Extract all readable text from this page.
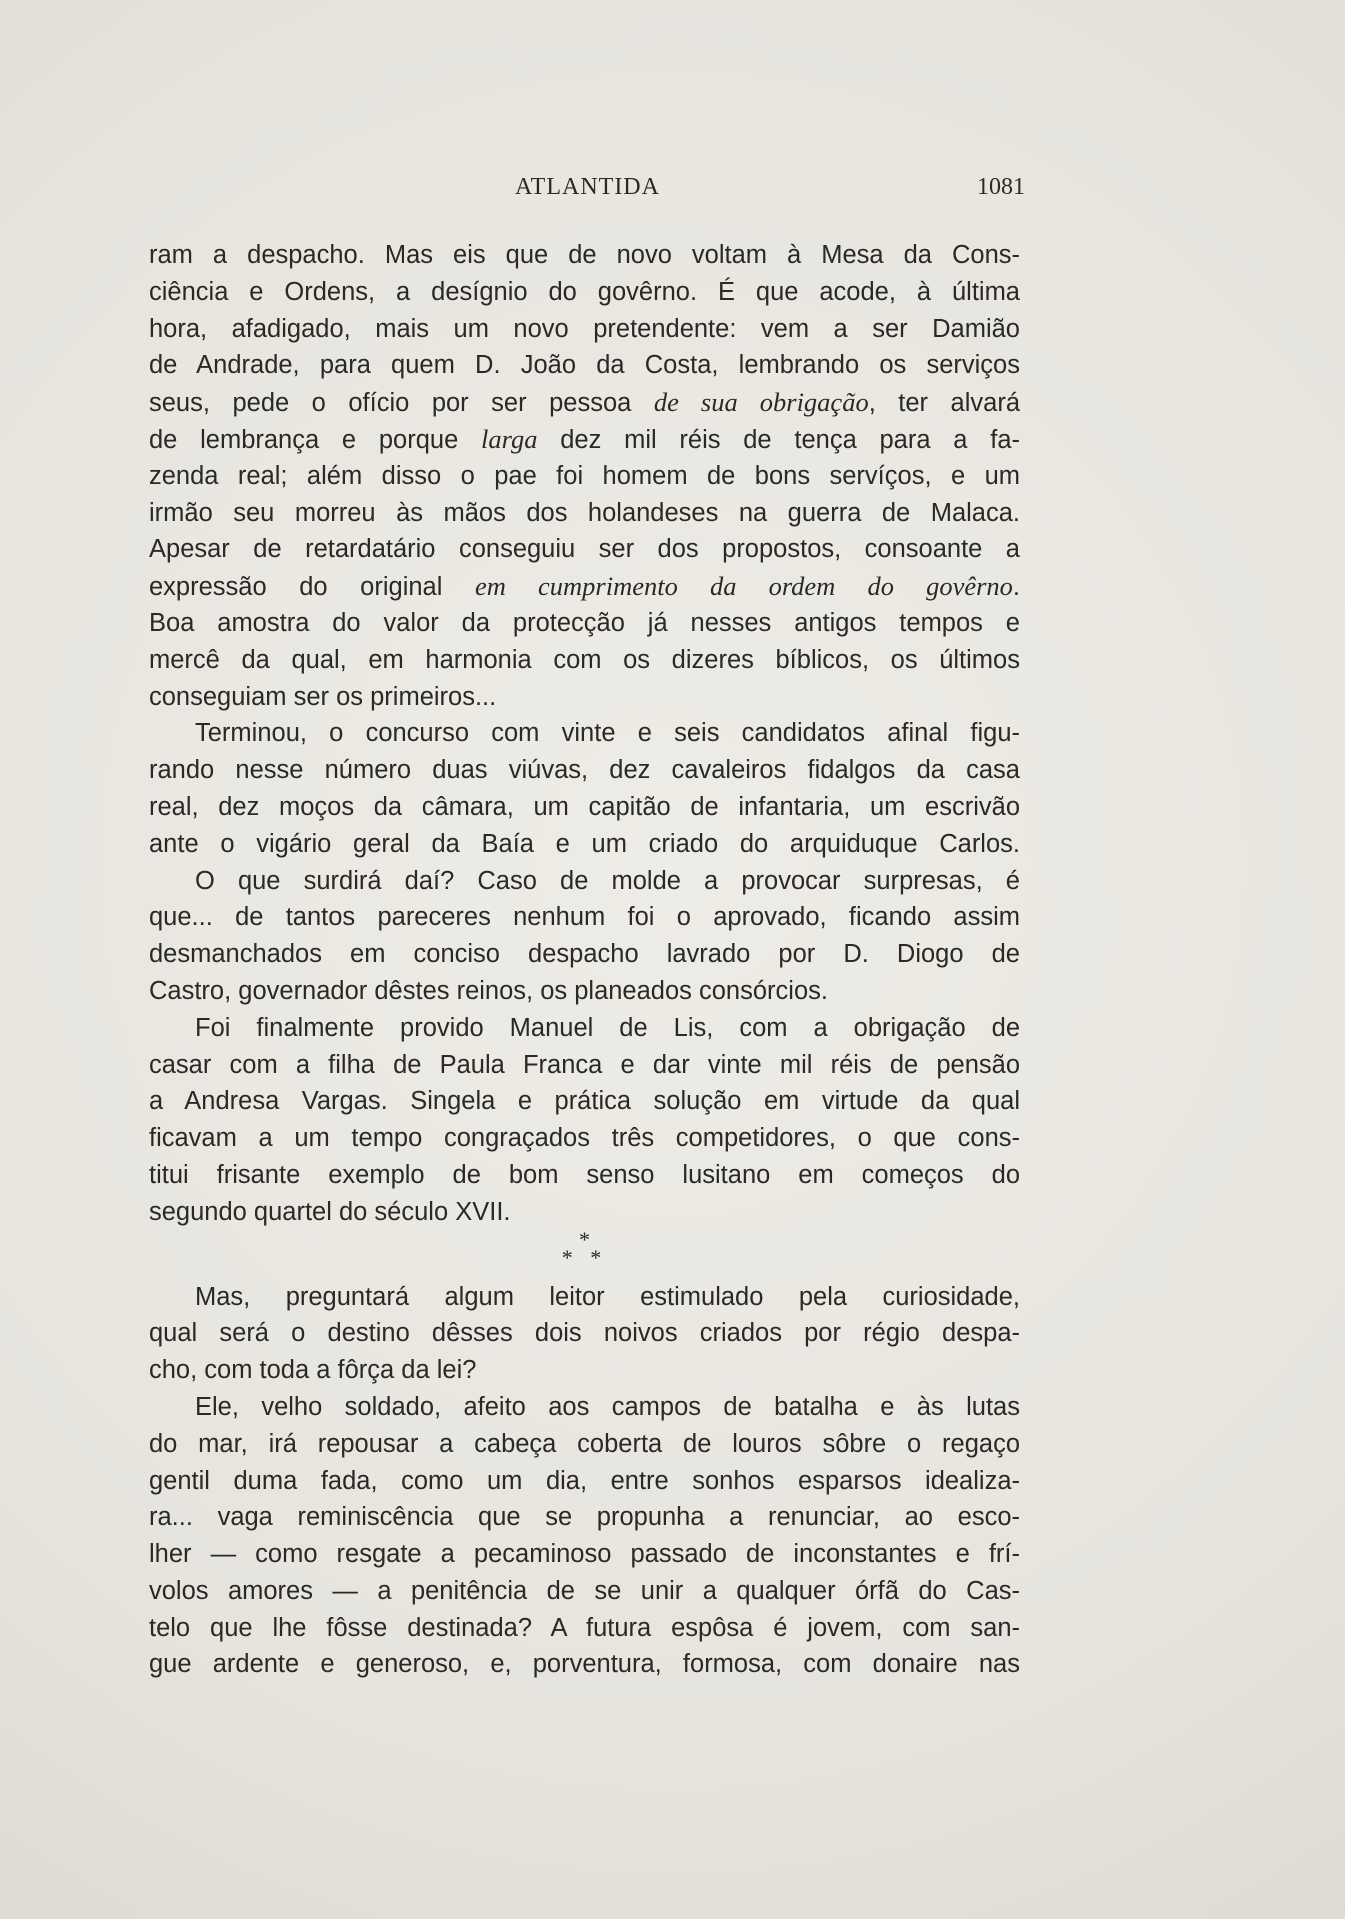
ATLANTIDA	1081
ram a despacho. Mas eis que de novo voltam à Mesa da Cons-
ciência e Ordens, a desígnio do govêrno. É que acode, à última
hora, afadigado, mais um novo pretendente: vem a ser Damião
de Andrade, para quem D. João da Costa, lembrando os serviços
seus, pede o ofício por ser pessoa de sua obrigação, ter alvará
de lembrança e porque larga dez mil réis de tença para a fa-
zenda real; além disso o pae foi homem de bons servíços, e um
irmão seu morreu às mãos dos holandeses na guerra de Malaca.
Apesar de retardatário conseguiu ser dos propostos, consoante a
expressão do original em cumprimento da ordem do govêrno.
Boa amostra do valor da protecção já nesses antigos tempos e
mercê da qual, em harmonia com os dizeres bíblicos, os últimos
conseguiam ser os primeiros...
Terminou, o concurso com vinte e seis candidatos afinal figu-
rando nesse número duas viúvas, dez cavaleiros fidalgos da casa
real, dez moços da câmara, um capitão de infantaria, um escrivão
ante o vigário geral da Baía e um criado do arquiduque Carlos.
O que surdirá daí? Caso de molde a provocar surpresas, é
que... de tantos pareceres nenhum foi o aprovado, ficando assim
desmanchados em conciso despacho lavrado por D. Diogo de
Castro, governador dêstes reinos, os planeados consórcios.
Foi finalmente provido Manuel de Lis, com a obrigação de
casar com a filha de Paula Franca e dar vinte mil réis de pensão
a Andresa Vargas. Singela e prática solução em virtude da qual
ficavam a um tempo congraçados três competidores, o que cons-
titui frisante exemplo de bom senso lusitano em começos do
segundo quartel do século XVII.
*
* *
Mas, preguntará algum leitor estimulado pela curiosidade,
qual será o destino dêsses dois noivos criados por régio despa-
cho, com toda a fôrça da lei?
Ele, velho soldado, afeito aos campos de batalha e às lutas
do mar, irá repousar a cabeça coberta de louros sôbre o regaço
gentil duma fada, como um dia, entre sonhos esparsos idealiza-
ra... vaga reminiscência que se propunha a renunciar, ao esco-
lher — como resgate a pecaminoso passado de inconstantes e frí-
volos amores — a penitência de se unir a qualquer órfã do Cas-
telo que lhe fôsse destinada? A futura espôsa é jovem, com san-
gue ardente e generoso, e, porventura, formosa, com donaire nas
